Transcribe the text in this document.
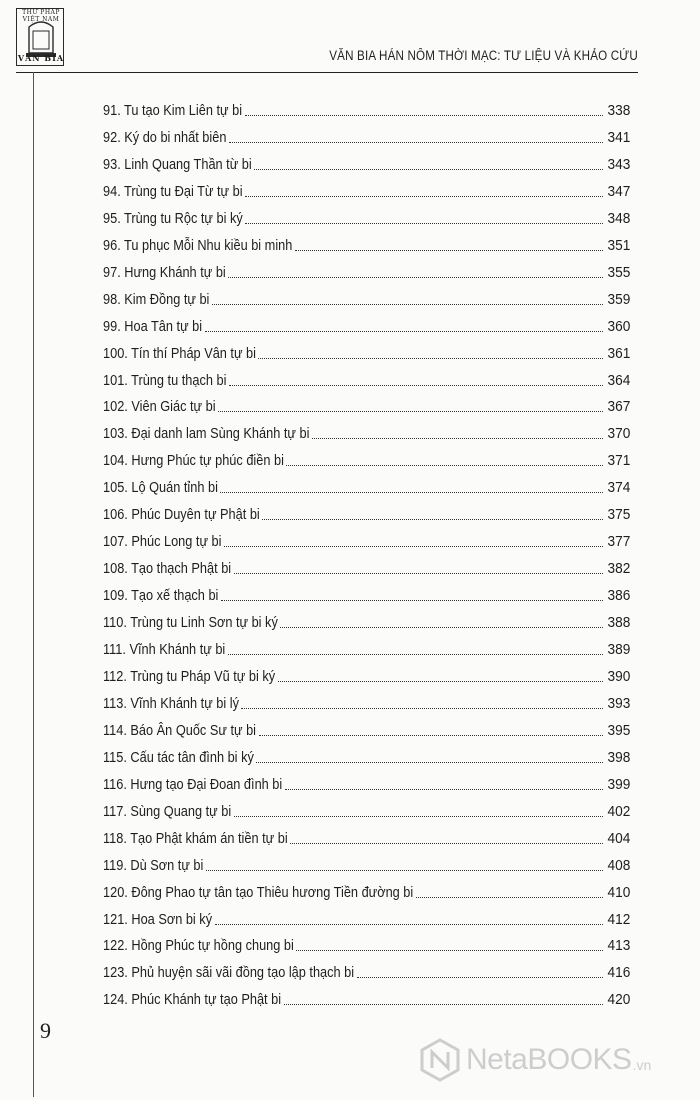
THƯ PHÁP VIỆT NAM
VĂN BIA	VĂN BIA HÁN NÔM THỜI MẠC: TƯ LIỆU VÀ KHẢO CỨU
91. Tu tạo Kim Liên tự bi	338
92. Ký do bi nhất biên	341
93. Linh Quang Thần từ bi	343
94. Trùng tu Đại Từ tự bi	347
95. Trùng tu Rộc tự bi ký	348
96. Tu phục Mỗi Nhu kiều bi minh	351
97. Hưng Khánh tự bi	355
98. Kim Đồng tự bi	359
99. Hoa Tân tự bi	360
100. Tín thí Pháp Vân tự bi	361
101. Trùng tu thạch bi	364
102. Viên Giác tự bi	367
103. Đại danh lam Sùng Khánh tự bi	370
104. Hưng Phúc tự phúc điền bi	371
105. Lộ Quán tỉnh bi	374
106. Phúc Duyên tự Phật bi	375
107. Phúc Long tự bi	377
108. Tạo thạch Phật bi	382
109. Tạo xế thạch bi	386
110. Trùng tu Linh Sơn tự bi ký	388
111. Vĩnh Khánh tự bi	389
112. Trùng tu Pháp Vũ tự bi ký	390
113. Vĩnh Khánh tự bi lý	393
114. Báo Ân Quốc Sư tự bi	395
115. Cấu tác tân đình bi ký	398
116. Hưng tạo Đại Đoan đình bi	399
117. Sùng Quang tự bi	402
118. Tạo Phật khám án tiền tự bi	404
119. Dù Sơn tự bi	408
120. Đông Phao tự tân tạo Thiêu hương Tiền đường bi	410
121. Hoa Sơn bi ký	412
122. Hồng Phúc tự hồng chung bi	413
123. Phủ huyện sãi vãi đồng tạo lập thạch bi	416
124. Phúc Khánh tự tạo Phật bi	420
9
NetaBOOKS .vn
